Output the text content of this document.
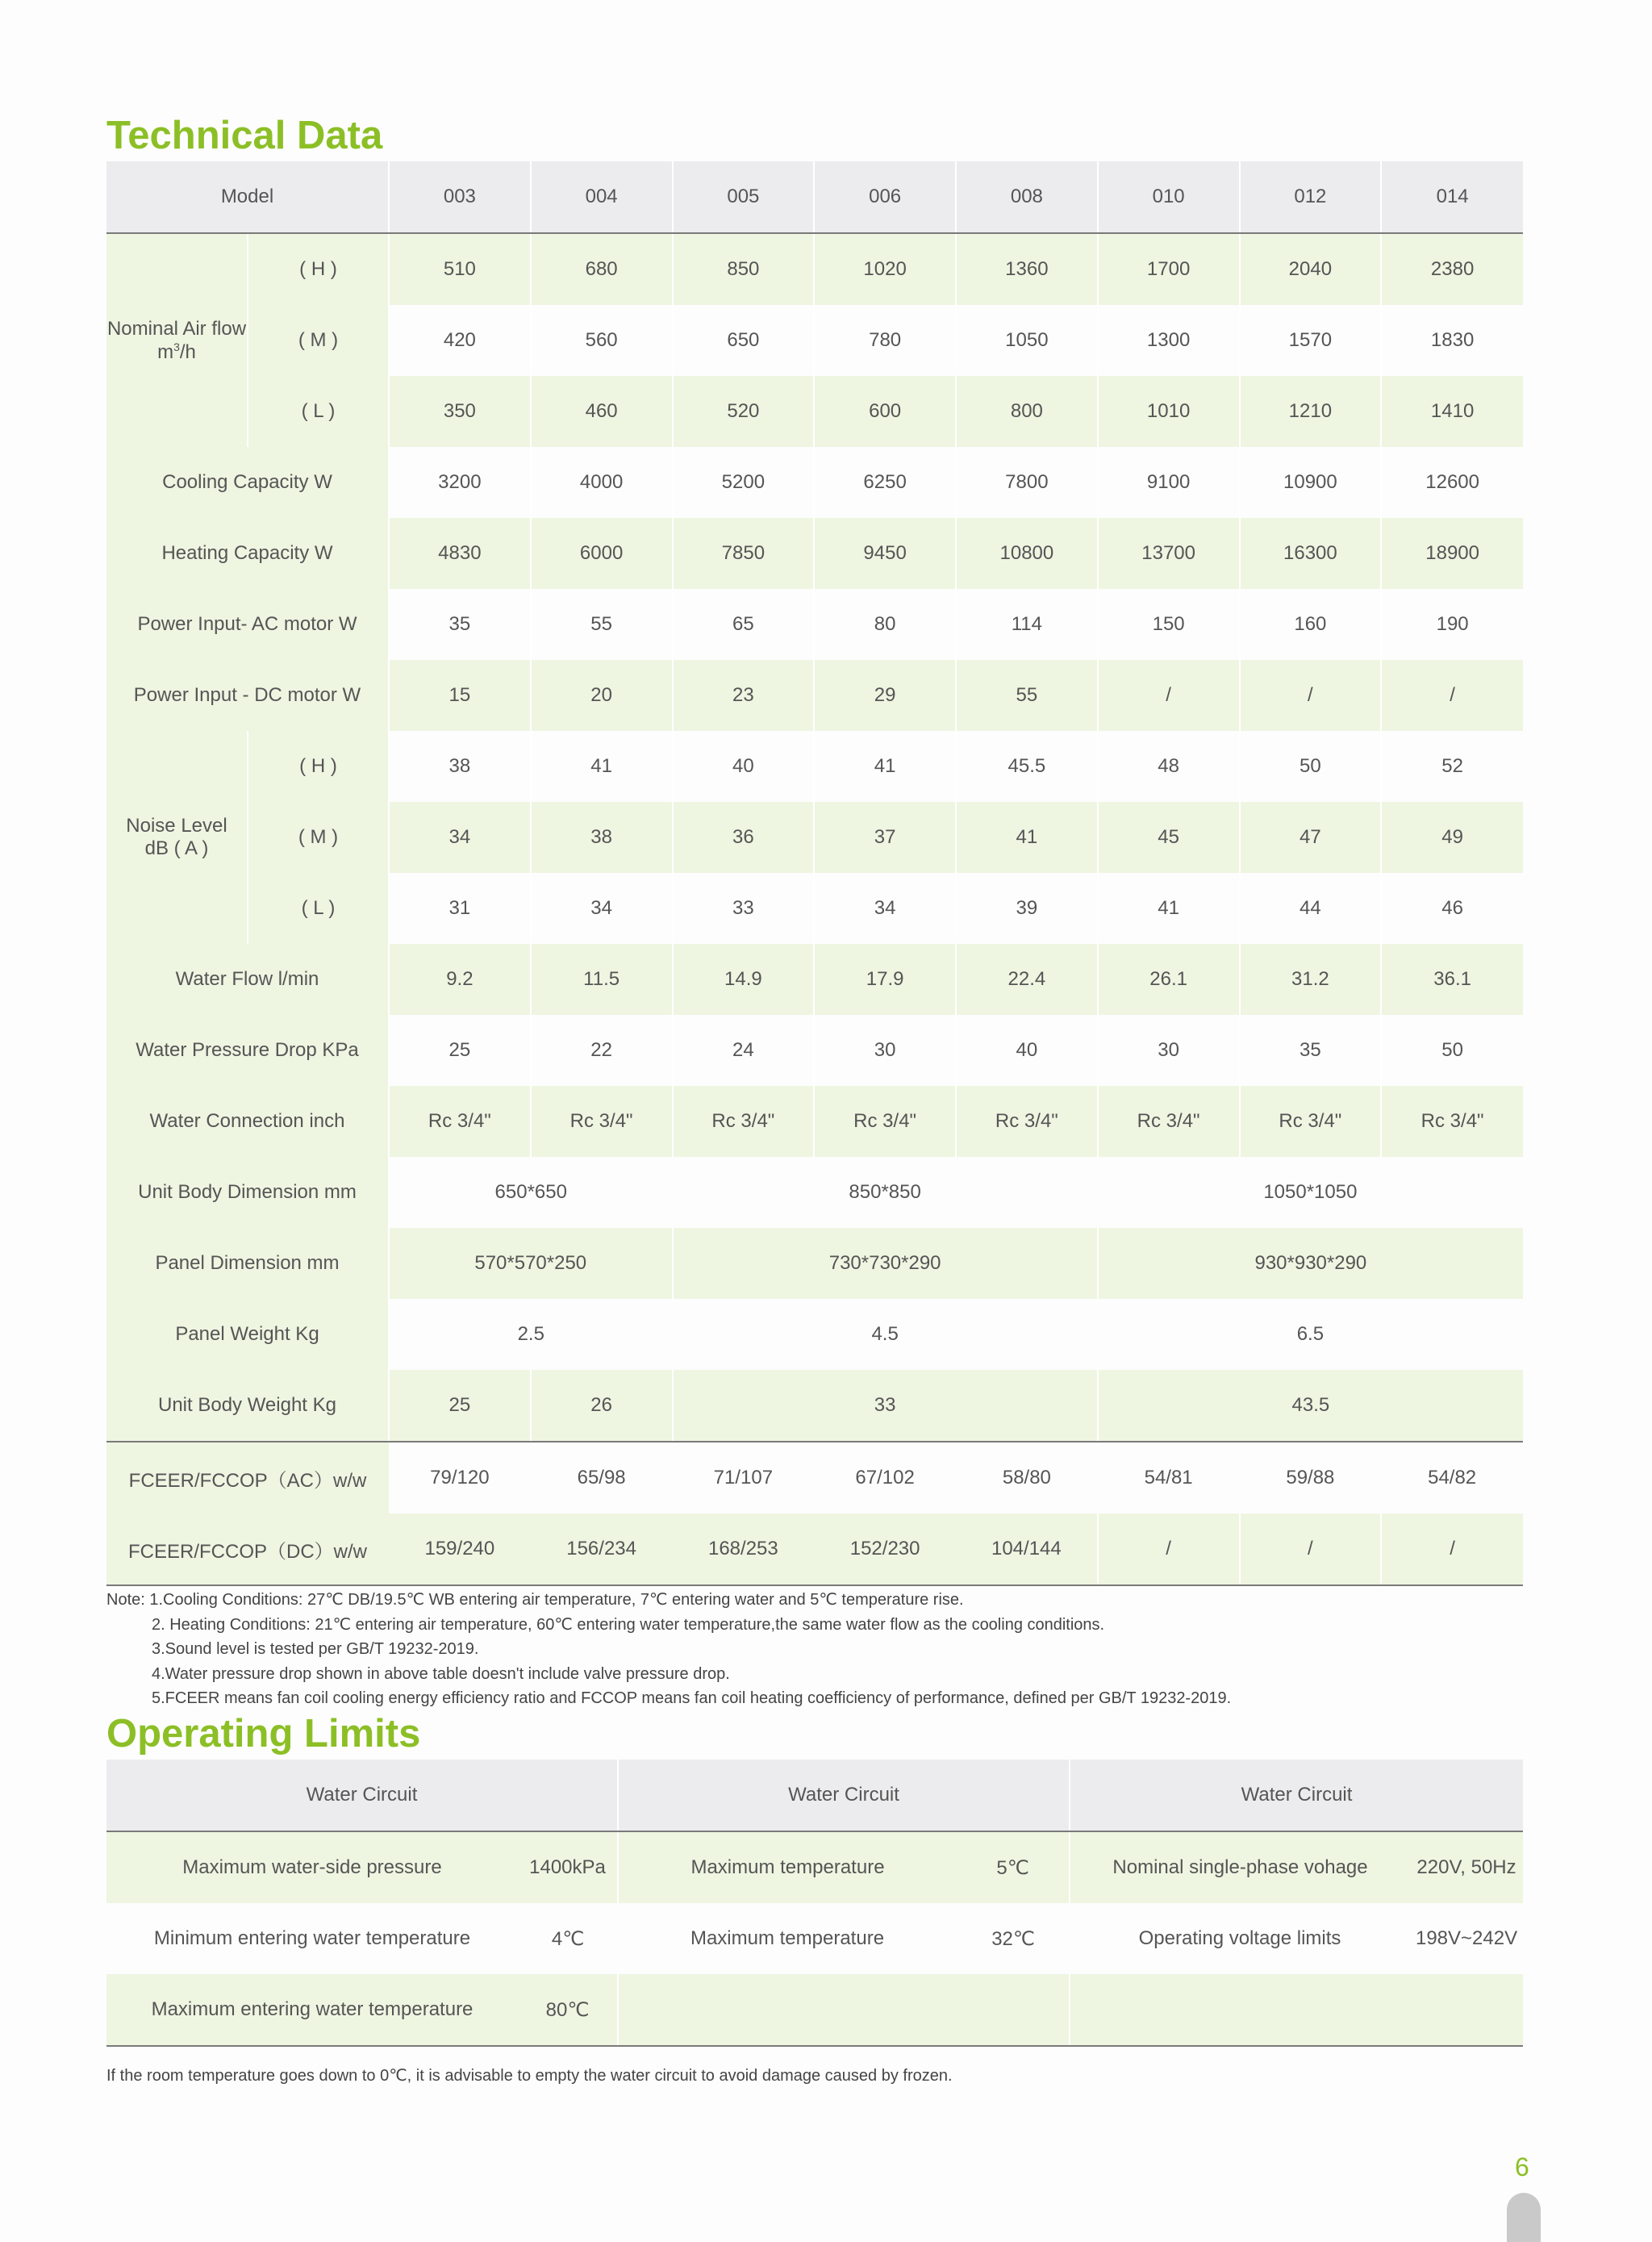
Technical Data
Model		003	004	005	006	008	010	012	014

Nominal Air flow
$m^3/h$	( H )	510	680	850	1020	1360	1700	2040	2380
	( M )	420	560	650	780	1050	1300	1570	1830
	( L )	350	460	520	600	800	1010	1210	1410
Cooling Capacity W		3200	4000	5200	6250	7800	9100	10900	12600
Heating Capacity W		4830	6000	7850	9450	10800	13700	16300	18900
Power Input- AC motor W		35	55	65	80	114	150	160	190
Power Input - DC motor W		15	20	23	29	55	/	/	/

Noise Level
dB ( A )	( H )	38	41	40	41	45.5	48	50	52
	( M )	34	38	36	37	41	45	47	49
	( L )	31	34	33	34	39	41	44	46
Water Flow l/min		9.2	11.5	14.9	17.9	22.4	26.1	31.2	36.1
Water Pressure Drop KPa		25	22	24	30	40	30	35	50
Water Connection inch		Rc 3/4"	Rc 3/4"	Rc 3/4"	Rc 3/4"	Rc 3/4"	Rc 3/4"	Rc 3/4"	Rc 3/4"
Unit Body Dimension mm		650*650		850*850			1050*1050		
Panel Dimension mm		570*570*250		730*730*290			930*930*290		
Panel Weight Kg		2.5		4.5			6.5		
Unit Body Weight Kg		25	26	33			43.5		
FCEER/FCCOP（AC）w/w		79/120	65/98	71/107	67/102	58/80	54/81	59/88	54/82
FCEER/FCCOP（DC）w/w		159/240	156/234	168/253	152/230	104/144	/	/	/
Note: 1.Cooling Conditions: 27℃ DB/19.5℃ WB entering air temperature, 7℃ entering water and 5℃ temperature rise.
2. Heating Conditions: 21℃ entering air temperature, 60℃ entering water temperature,the same water flow as the cooling conditions.
3.Sound level is tested per GB/T 19232-2019.
4.Water pressure drop shown in above table doesn't include valve pressure drop.
5.FCEER means fan coil cooling energy efficiency ratio and FCCOP means fan coil heating coefficiency of performance, defined per GB/T 19232-2019.
Operating Limits
Water Circuit		Water Circuit		Water Circuit	
Maximum water-side pressure	1400kPa	Maximum temperature	5℃	Nominal single-phase vohage	220V, 50Hz
Minimum entering water temperature	4℃	Maximum temperature	32℃	Operating voltage limits	198V~242V
Maximum entering water temperature	80℃				
If the room temperature goes down to 0℃, it is advisable to empty the water circuit to avoid damage caused by frozen.
6
